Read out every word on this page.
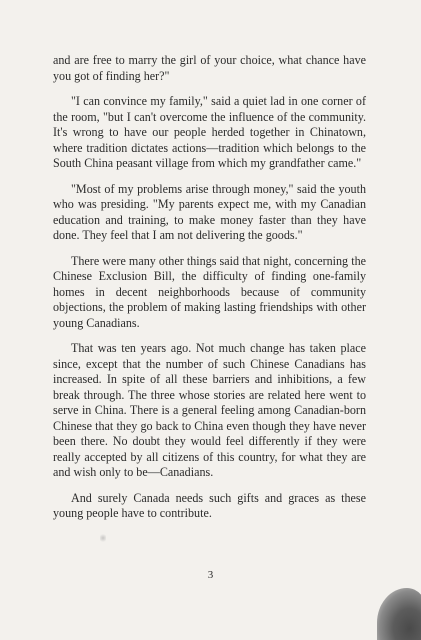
and are free to marry the girl of your choice, what chance have you got of finding her?"

"I can convince my family," said a quiet lad in one corner of the room, "but I can't overcome the influence of the community. It's wrong to have our people herded together in Chinatown, where tradition dictates actions—tradition which belongs to the South China peasant village from which my grandfather came."

"Most of my problems arise through money," said the youth who was presiding. "My parents expect me, with my Canadian education and training, to make money faster than they have done. They feel that I am not delivering the goods."

There were many other things said that night, concerning the Chinese Exclusion Bill, the difficulty of finding one-family homes in decent neighborhoods because of community objections, the problem of making lasting friendships with other young Canadians.

That was ten years ago. Not much change has taken place since, except that the number of such Chinese Canadians has increased. In spite of all these barriers and inhibitions, a few break through. The three whose stories are related here went to serve in China. There is a general feeling among Canadian-born Chinese that they go back to China even though they have never been there. No doubt they would feel differently if they were really accepted by all citizens of this country, for what they are and wish only to be—Canadians.

And surely Canada needs such gifts and graces as these young people have to contribute.

3
